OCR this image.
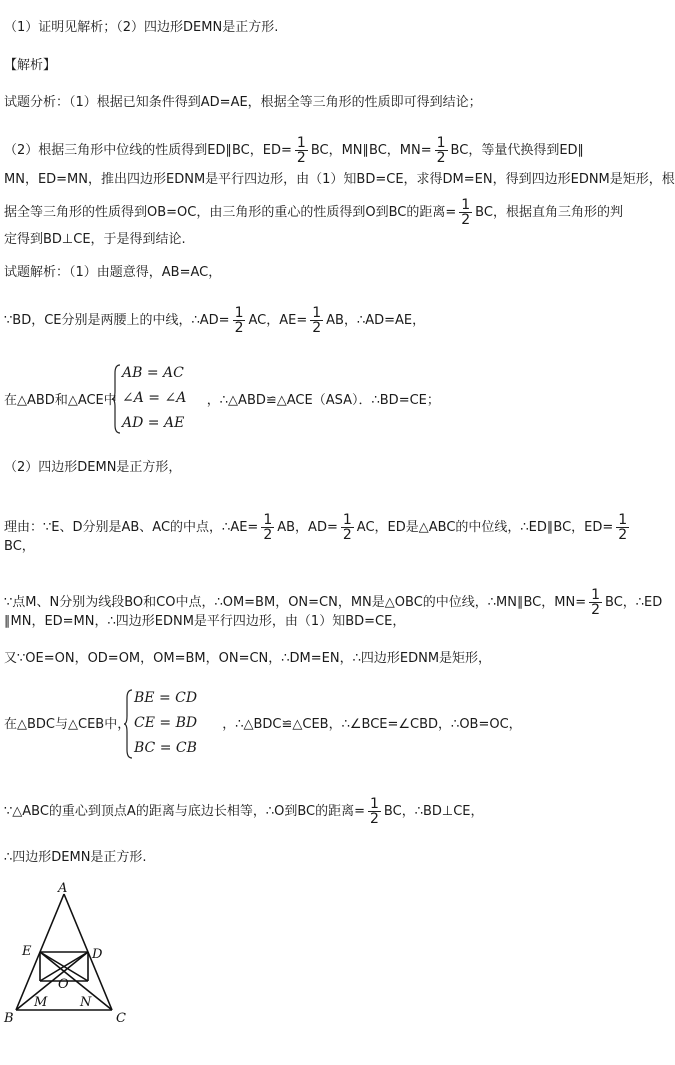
（1）证明见解析；（2）四边形DEMN是正方形.
【解析】
试题分析：（1）根据已知条件得到AD=AE，根据全等三角形的性质即可得到结论；
（2）根据三角形中位线的性质得到ED∥BC，$ED= \frac{1}{2}$ BC，MN∥BC，$MN= \frac{1}{2}$ BC，等量代换得到ED∥
MN，ED=MN，推出四边形EDNM是平行四边形，由（1）知BD=CE，求得DM=EN，得到四边形EDNM是矩形，根
据全等三角形的性质得到OB=OC，由三角形的重心的性质得到O到BC的距离= $\frac{1}{2}$ BC，根据直角三角形的判
定得到BD⊥CE，于是得到结论.
试题解析：（1）由题意得，AB=AC，
∵BD，CE分别是两腰上的中线，∴AD= $\frac{1}{2}$ AC，$AE= \frac{1}{2}$ AB，∴AD=AE，
在△ABD和△ACE中	，∴△ABD≌△ACE（ASA）．∴BD=CE；
AB = AC
∠A = ∠A
AD = AE
（2）四边形DEMN是正方形，
理由：∵E、D分别是AB、AC的中点，∴AE= $\frac{1}{2}$ AB，$AD= \frac{1}{2}$ AC，ED是△ABC的中位线，∴ED∥BC，$ED= \frac{1}{2}$
BC，
∵点M、N分别为线段BO和CO中点，∴OM=BM，ON=CN，MN是△OBC的中位线，∴MN∥BC，$MN= \frac{1}{2}$ BC，∴ED
∥MN，ED=MN，∴四边形EDNM是平行四边形，由（1）知BD=CE，
又∵OE=ON，OD=OM，OM=BM，ON=CN，∴DM=EN，∴四边形EDNM是矩形，
在△BDC与△CEB中，	，∴△BDC≌△CEB，∴∠BCE=∠CBD，∴OB=OC，
BE = CD
CE = BD
BC = CB
∵△ABC的重心到顶点A的距离与底边长相等，∴O到BC的距离= $\frac{1}{2}$ BC，∴BD⊥CE，
∴四边形DEMN是正方形.
A
B	C
D
E
M	N
O
